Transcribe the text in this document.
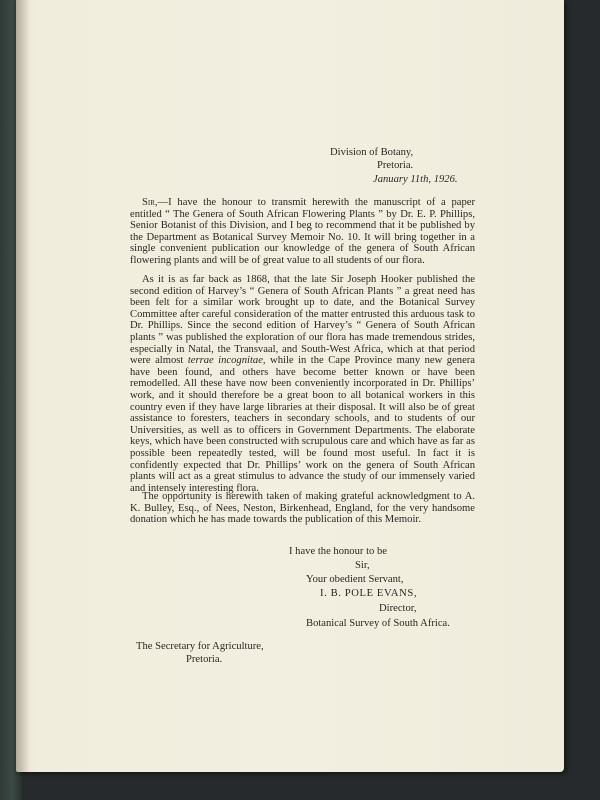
Division of Botany,
Pretoria.
January 11th, 1926.
Sir,—I have the honour to transmit herewith the manuscript of a paper entitled “ The Genera of South African Flowering Plants ” by Dr. E. P. Phillips, Senior Botanist of this Division, and I beg to recommend that it be published by the Department as Botanical Survey Memoir No. 10. It will bring together in a single convenient publication our knowledge of the genera of South African flowering plants and will be of great value to all students of our flora.
As it is as far back as 1868, that the late Sir Joseph Hooker published the second edition of Harvey’s “ Genera of South African Plants ” a great need has been felt for a similar work brought up to date, and the Botanical Survey Committee after careful consideration of the matter entrusted this arduous task to Dr. Phillips. Since the second edition of Harvey’s “ Genera of South African plants ” was published the exploration of our flora has made tremendous strides, especially in Natal, the Transvaal, and South-West Africa, which at that period were almost terrae incognitae, while in the Cape Province many new genera have been found, and others have become better known or have been remodelled. All these have now been conveniently incorporated in Dr. Phillips’ work, and it should therefore be a great boon to all botanical workers in this country even if they have large libraries at their disposal. It will also be of great assistance to foresters, teachers in secondary schools, and to students of our Universities, as well as to officers in Government Departments. The elaborate keys, which have been constructed with scrupulous care and which have as far as possible been repeatedly tested, will be found most useful. In fact it is confidently expected that Dr. Phillips’ work on the genera of South African plants will act as a great stimulus to advance the study of our immensely varied and intensely interesting flora.
The opportunity is herewith taken of making grateful acknowledgment to A. K. Bulley, Esq., of Nees, Neston, Birkenhead, England, for the very handsome donation which he has made towards the publication of this Memoir.
I have the honour to be
Sir,
Your obedient Servant,
I. B. POLE EVANS,
Director,
Botanical Survey of South Africa.
The Secretary for Agriculture,
Pretoria.
